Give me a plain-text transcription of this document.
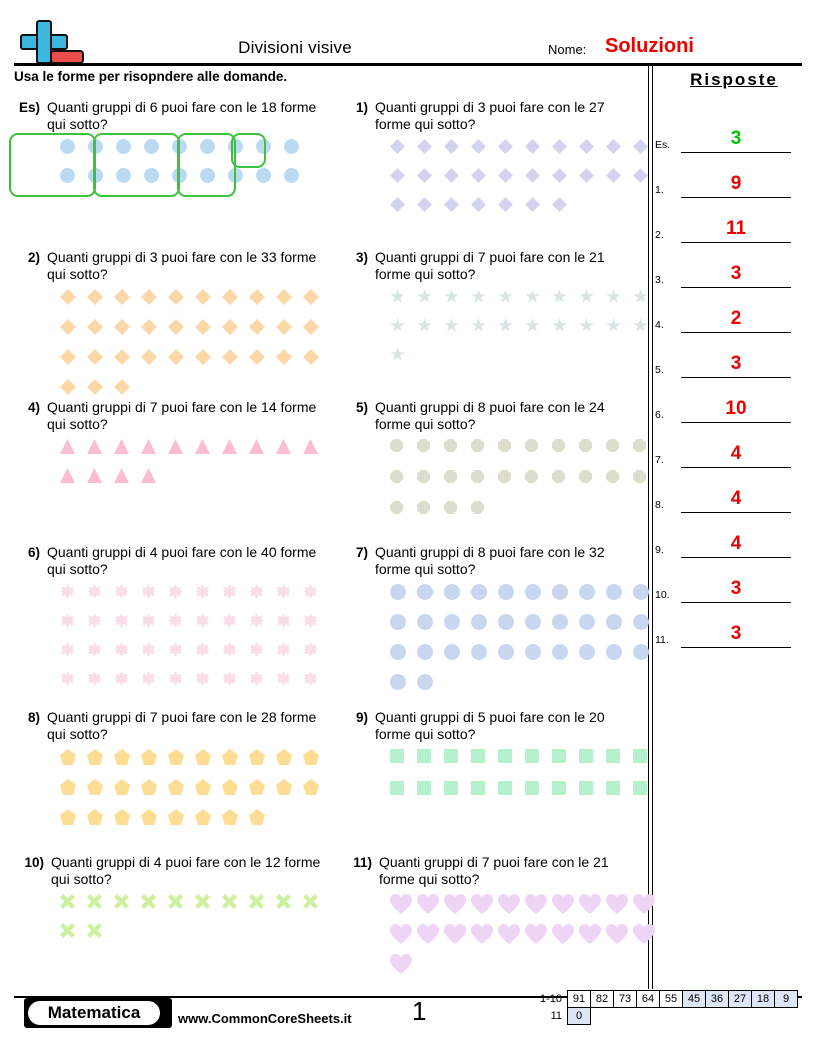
Divisioni visive	Nome: Soluzioni
Usa le forme per risopndere alle domande.	Risposte
Es.	3
1.	9
2.	11
3.	3
4.	2
5.	3
6.	10
7.	4
8.	4
9.	4
10.	3
11.	3
Es) Quanti gruppi di 6 puoi fare con le 18 forme qui sotto?
1) Quanti gruppi di 3 puoi fare con le 27 forme qui sotto?
2) Quanti gruppi di 3 puoi fare con le 33 forme qui sotto?
3) Quanti gruppi di 7 puoi fare con le 21 forme qui sotto?
4) Quanti gruppi di 7 puoi fare con le 14 forme qui sotto?
5) Quanti gruppi di 8 puoi fare con le 24 forme qui sotto?
6) Quanti gruppi di 4 puoi fare con le 40 forme qui sotto?
7) Quanti gruppi di 8 puoi fare con le 32 forme qui sotto?
8) Quanti gruppi di 7 puoi fare con le 28 forme qui sotto?
9) Quanti gruppi di 5 puoi fare con le 20 forme qui sotto?
10) Quanti gruppi di 4 puoi fare con le 12 forme qui sotto?
11) Quanti gruppi di 7 puoi fare con le 21 forme qui sotto?
Matematica	www.CommonCoreSheets.it 1	1-10	91	82	73	64	55	45	36	27	18	9
11	0									
